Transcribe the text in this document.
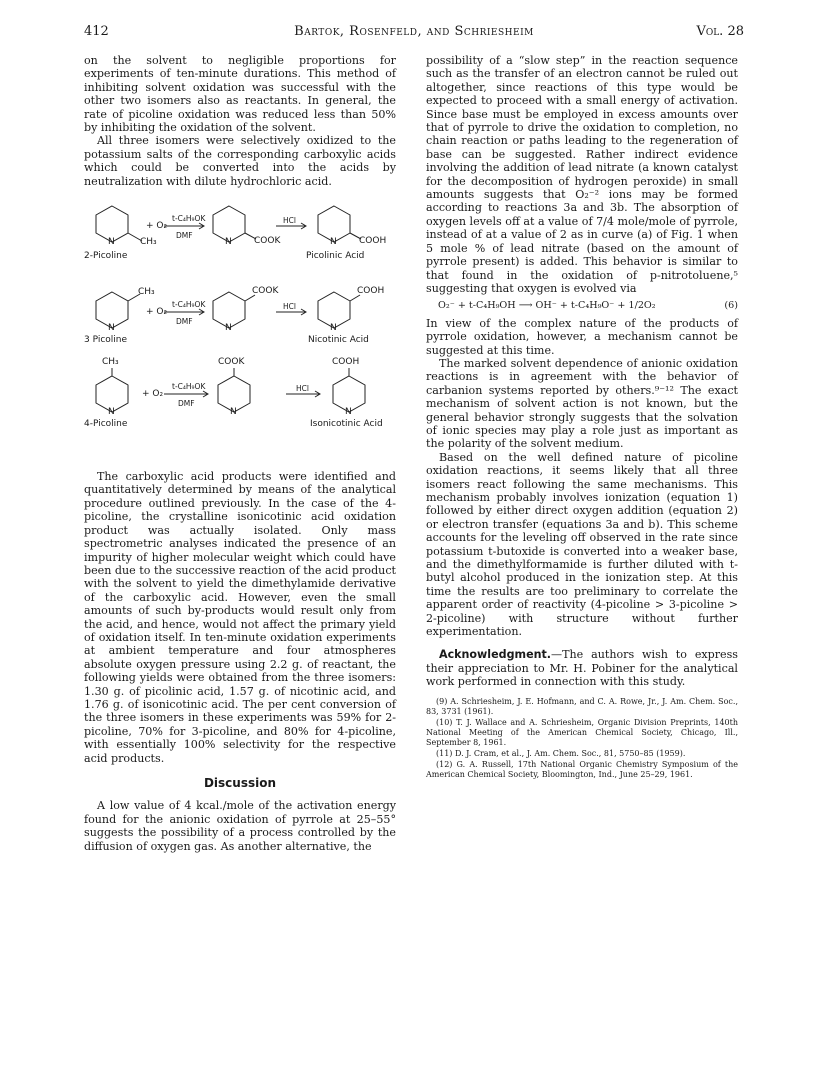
412	Bartok, Rosenfeld, and Schriesheim	Vol. 28

on the solvent to negligible proportions for experiments of ten-minute durations. This method of inhibiting solvent oxidation was successful with the other two isomers also as reactants. In general, the rate of picoline oxidation was reduced less than 50% by inhibiting the oxidation of the solvent.

All three isomers were selectively oxidized to the potassium salts of the corresponding carboxylic acids which could be converted into the acids by neutralization with dilute hydrochloric acid.

N	CH₃
2-Picoline
+ O₂
t-C₄H₉OK
DMF
N COOK
HCl
N COOH
Picolinic Acid
CH₃
N
3 Picoline
+ O₂
t-C₄H₉OK
DMF
N
COOK
HCl
N
COOH
Nicotinic Acid
CH₃
N
4-Picoline
+ O₂
t-C₄H₉OK
DMF
COOK
N
HCl
COOH
N
Isonicotinic Acid

The carboxylic acid products were identified and quantitatively determined by means of the analytical procedure outlined previously. In the case of the 4-picoline, the crystalline isonicotinic acid oxidation product was actually isolated. Only mass spectrometric analyses indicated the presence of an impurity of higher molecular weight which could have been due to the successive reaction of the acid product with the solvent to yield the dimethylamide derivative of the carboxylic acid. However, even the small amounts of such by-products would result only from the acid, and hence, would not affect the primary yield of oxidation itself. In ten-minute oxidation experiments at ambient temperature and four atmospheres absolute oxygen pressure using 2.2 g. of reactant, the following yields were obtained from the three isomers: 1.30 g. of picolinic acid, 1.57 g. of nicotinic acid, and 1.76 g. of isonicotinic acid. The per cent conversion of the three isomers in these experiments was 59% for 2-picoline, 70% for 3-picoline, and 80% for 4-picoline, with essentially 100% selectivity for the respective acid products.

Discussion

A low value of 4 kcal./mole of the activation energy found for the anionic oxidation of pyrrole at 25–55° suggests the possibility of a process controlled by the diffusion of oxygen gas. As another alternative, the

possibility of a “slow step” in the reaction sequence such as the transfer of an electron cannot be ruled out altogether, since reactions of this type would be expected to proceed with a small energy of activation. Since base must be employed in excess amounts over that of pyrrole to drive the oxidation to completion, no chain reaction or paths leading to the regeneration of base can be suggested. Rather indirect evidence involving the addition of lead nitrate (a known catalyst for the decomposition of hydrogen peroxide) in small amounts suggests that O₂⁻² ions may be formed according to reactions 3a and 3b. The absorption of oxygen levels off at a value of 7/4 mole/mole of pyrrole, instead of at a value of 2 as in curve (a) of Fig. 1 when 5 mole % of lead nitrate (based on the amount of pyrrole present) is added. This behavior is similar to that found in the oxidation of p-nitrotoluene,⁵ suggesting that oxygen is evolved via

O₂⁻ + t-C₄H₉OH ⟶ OH⁻ + t-C₄H₉O⁻ + 1/2O₂	(6)

In view of the complex nature of the products of pyrrole oxidation, however, a mechanism cannot be suggested at this time.

The marked solvent dependence of anionic oxidation reactions is in agreement with the behavior of carbanion systems reported by others.⁹⁻¹² The exact mechanism of solvent action is not known, but the general behavior strongly suggests that the solvation of ionic species may play a role just as important as the polarity of the solvent medium.

Based on the well defined nature of picoline oxidation reactions, it seems likely that all three isomers react following the same mechanisms. This mechanism probably involves ionization (equation 1) followed by either direct oxygen addition (equation 2) or electron transfer (equations 3a and b). This scheme accounts for the leveling off observed in the rate since potassium t-butoxide is converted into a weaker base, and the dimethylformamide is further diluted with t-butyl alcohol produced in the ionization step. At this time the results are too preliminary to correlate the apparent order of reactivity (4-picoline > 3-picoline > 2-picoline) with structure without further experimentation.

Acknowledgment.—The authors wish to express their appreciation to Mr. H. Pobiner for the analytical work performed in connection with this study.

(9) A. Schriesheim, J. E. Hofmann, and C. A. Rowe, Jr., J. Am. Chem. Soc., 83, 3731 (1961).
(10) T. J. Wallace and A. Schriesheim, Organic Division Preprints, 140th National Meeting of the American Chemical Society, Chicago, Ill., September 8, 1961.
(11) D. J. Cram, et al., J. Am. Chem. Soc., 81, 5750–85 (1959).
(12) G. A. Russell, 17th National Organic Chemistry Symposium of the American Chemical Society, Bloomington, Ind., June 25–29, 1961.
